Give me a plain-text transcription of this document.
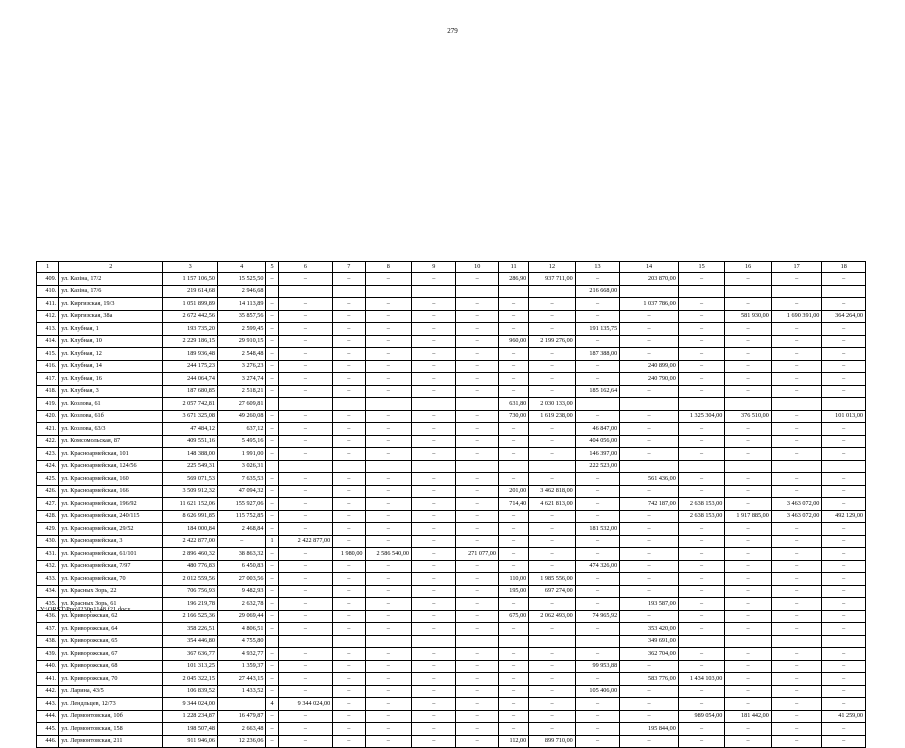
279
1	2	3	4	5	6	7	8	9	10	11	12	13	14	15	16	17	18
409.	ул. Казіна, 17/2	1 157 106,50	15 525,50	–	–	–	–	–	–	286,90	937 711,00	–	203 870,00	–	–	–	–
410.	ул. Казіна, 17/6	219 614,68	2 946,68									216 668,00					
411.	ул. Киргизская, 19/3	1 051 899,89	14 113,89	–	–	–	–	–	–	–	–	–	1 037 786,00	–	–	–	–
412.	ул. Киргизская, 38а	2 672 442,56	35 857,56	–	–	–	–	–	–	–	–	–	–	–	581 930,00	1 690 391,00	364 264,00
413.	ул. Клубная, 1	193 735,20	2 599,45	–	–	–	–	–	–	–	–	191 135,75	–	–	–	–	–
414.	ул. Клубная, 10	2 229 186,15	29 910,15	–	–	–	–	–	–	960,00	2 199 276,00	–	–	–	–	–	–
415.	ул. Клубная, 12	189 936,48	2 548,48	–	–	–	–	–	–	–	–	187 388,00	–	–	–	–	–
416.	ул. Клубная, 14	244 175,23	3 276,23	–	–	–	–	–	–	–	–	–	240 899,00	–	–	–	–
417.	ул. Клубная, 16	244 064,74	3 274,74	–	–	–	–	–	–	–	–	–	240 790,00	–	–	–	–
418.	ул. Клубная, 3	187 680,85	2 518,21	–	–	–	–	–	–	–	–	185 162,64	–	–	–	–	–
419.	ул. Козлова, 61	2 057 742,81	27 609,81							631,80	2 030 133,00						
420.	ул. Козлова, 61б	3 671 325,08	49 260,08	–	–	–	–	–	–	730,00	1 619 238,00	–	–	1 325 304,00	376 510,00	–	101 013,00
421.	ул. Козлова, 63/3	47 484,12	637,12	–	–	–	–	–	–	–	–	46 847,00	–	–	–	–	–
422.	ул. Комсомольская, 87	409 551,16	5 495,16	–	–	–	–	–	–	–	–	404 056,00	–	–	–	–	–
423.	ул. Красноармейская, 101	148 388,00	1 991,00	–	–	–	–	–	–	–	–	146 397,00	–	–	–	–	–
424.	ул. Красноармейская, 124/56	225 549,31	3 026,31									222 523,00					
425.	ул. Красноармейская, 160	569 071,53	7 635,53	–	–	–	–	–	–	–	–	–	561 436,00	–	–	–	–
426.	ул. Красноармейская, 166	3 509 912,32	47 094,32	–	–	–	–	–	–	201,00	3 462 818,00	–	–	–	–	–	–
427.	ул. Красноармейская, 196/92	11 621 152,06	155 927,06	–	–	–	–	–	–	714,40	4 621 813,00	–	742 187,00	2 638 153,00	–	3 463 072,00	–
428.	ул. Красноармейская, 240/115	8 626 991,85	115 752,85	–	–	–	–	–	–	–	–	–	–	2 638 153,00	1 917 885,00	3 463 072,00	492 129,00
429.	ул. Красноармейская, 29/52	184 000,84	2 468,84	–	–	–	–	–	–	–	–	181 532,00	–	–	–	–	–
430.	ул. Красноармейская, 3	2 422 877,00	–	1	2 422 877,00	–	–	–	–	–	–	–	–	–	–	–	–
431.	ул. Красноармейская, 61/101	2 896 460,32	38 863,32	–	–	1 980,00	2 586 540,00	–	271 077,00	–	–	–	–	–	–	–	–
432.	ул. Красноармейская, 7/97	480 776,83	6 450,83	–	–	–	–	–	–	–	–	474 326,00	–	–	–	–	–
433.	ул. Красноармейская, 70	2 012 559,56	27 003,56	–	–	–	–	–	–	110,00	1 985 556,00	–	–	–	–	–	–
434.	ул. Красных Зорь, 22	706 756,93	9 482,93	–	–	–	–	–	–	195,00	697 274,00	–	–	–	–	–	–
435.	ул. Красных Зорь, 61	196 219,78	2 632,78	–	–	–	–	–	–	–	–	–	193 587,00	–	–	–	–
436.	ул. Криворожская, 62	2 166 525,36	29 069,44	–	–	–	–	–	–	675,00	2 062 493,00	74 965,92	–	–	–	–	–
437.	ул. Криворожская, 64	358 226,51	4 806,51	–	–	–	–	–	–	–	–	–	353 420,00	–	–	–	–
438.	ул. Криворожская, 65	354 446,80	4 755,80										349 691,00				
439.	ул. Криворожская, 67	367 636,77	4 932,77	–	–	–	–	–	–	–	–	–	362 704,00	–	–	–	–
440.	ул. Криворожская, 68	101 313,25	1 359,37	–	–	–	–	–	–	–	–	99 953,88	–	–	–	–	–
441.	ул. Криворожская, 70	2 045 322,15	27 443,15	–	–	–	–	–	–	–	–	–	583 776,00	1 434 103,00	–	–	–
442.	ул. Ларина, 43/5	106 839,52	1 433,52	–	–	–	–	–	–	–	–	105 406,00	–	–	–	–	–
443.	ул. Лендльцев, 12/73	9 344 024,00		4	9 344 024,00	–	–	–	–	–	–	–	–	–	–	–	–
444.	ул. Лермонтовская, 10б	1 228 234,87	16 479,87	–	–	–	–	–	–	–	–	–	–	989 054,00	181 442,00	–	41 259,00
445.	ул. Лермонтовская, 158	198 507,48	2 663,48	–	–	–	–	–	–	–	–	–	195 844,00	–	–	–	–
446.	ул. Лермонтовская, 211	911 946,06	12 236,06	–	–	–	–	–	–	112,00	899 710,00	–	–	–	–	–	–
Y:\ORST\Ppo\I230p1148.f21.docx
